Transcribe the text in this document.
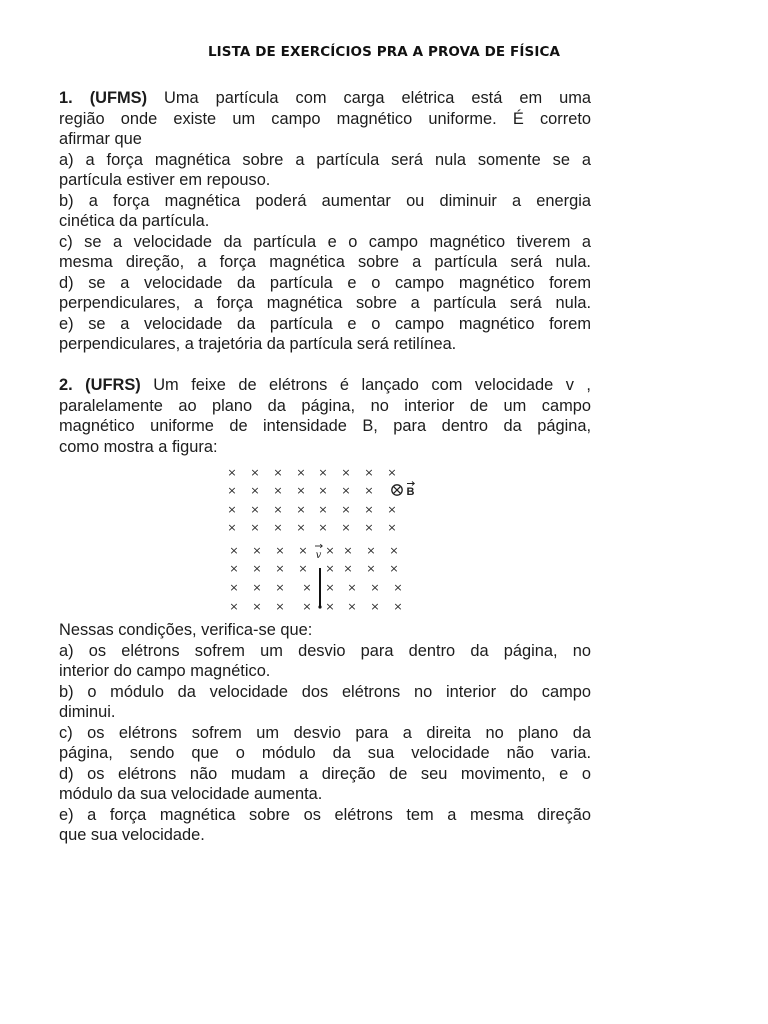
LISTA DE EXERCÍCIOS PRA A PROVA DE FÍSICA
1. (UFMS) Uma partícula com carga elétrica está em uma
região onde existe um campo magnético uniforme. É correto
afirmar que
a) a força magnética sobre a partícula será nula somente se a
partícula estiver em repouso.
b) a força magnética poderá aumentar ou diminuir a energia
cinética da partícula.
c) se a velocidade da partícula e o campo magnético tiverem a
mesma direção, a força magnética sobre a partícula será nula.
d) se a velocidade da partícula e o campo magnético forem
perpendiculares, a força magnética sobre a partícula será nula.
e) se a velocidade da partícula e o campo magnético forem
perpendiculares, a trajetória da partícula será retilínea.
2. (UFRS) Um feixe de elétrons é lançado com velocidade v ,
paralelamente ao plano da página, no interior de um campo
magnético uniforme de intensidade B, para dentro da página,
como mostra a figura:
× × × × × × × ×
× × × × × × ×
× × × × × × × ×
× × × × × × × ×
× × × ×	× × ×
× × × ×	× × ×
× × × ×	× × ×
× × × ×	× × ×
×
×
×
×
B
v
Nessas condições, verifica-se que:
a) os elétrons sofrem um desvio para dentro da página, no
interior do campo magnético.
b) o módulo da velocidade dos elétrons no interior do campo
diminui.
c) os elétrons sofrem um desvio para a direita no plano da
página, sendo que o módulo da sua velocidade não varia.
d) os elétrons não mudam a direção de seu movimento, e o
módulo da sua velocidade aumenta.
e) a força magnética sobre os elétrons tem a mesma direção
que sua velocidade.
